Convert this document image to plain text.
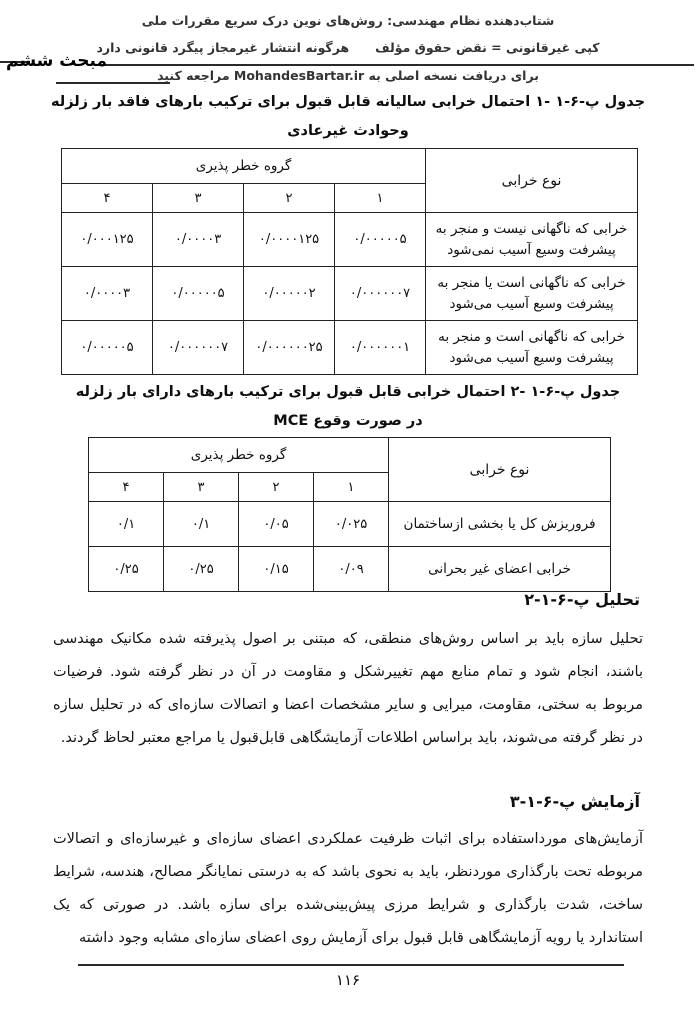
شتاب‌دهنده نظام مهندسی: روش‌های نوین درک سریع مقررات ملی
کپی غیرقانونی = نقض حقوق مؤلف
هرگونه انتشار غیرمجاز پیگرد قانونی دارد
مبحث ششم
برای دریافت نسخه اصلی به MohandesBartar.ir مراجعه کنید
جدول پ-۶-۱ -۱ احتمال خرابی سالیانه قابل قبول برای ترکیب بارهای فاقد بار زلزله
وحوادث غیرعادی
نوع خرابی	گروه خطر پذیری			
	۱	۲	۳	۴
خرابی که ناگهانی نیست و منجر به پیشرفت وسیع آسیب نمی‌شود	۰/۰۰۰۰۰۵	۰/۰۰۰۰۱۲۵	۰/۰۰۰۰۳	۰/۰۰۰۱۲۵
خرابی که ناگهانی است یا منجر به پیشرفت وسیع آسیب می‌شود	۰/۰۰۰۰۰۰۷	۰/۰۰۰۰۰۲	۰/۰۰۰۰۰۵	۰/۰۰۰۰۳
خرابی که ناگهانی است و منجر به پیشرفت وسیع آسیب می‌شود	۰/۰۰۰۰۰۰۱	۰/۰۰۰۰۰۰۲۵	۰/۰۰۰۰۰۰۷	۰/۰۰۰۰۰۵
جدول پ-۶-۱ -۲ احتمال خرابی قابل قبول برای ترکیب بارهای دارای بار زلزله
در صورت وقوع MCE
نوع خرابی	گروه خطر پذیری			
	۱	۲	۳	۴
فروریزش کل یا بخشی ازساختمان	۰/۰۲۵	۰/۰۵	۰/۱	۰/۱
خرابی اعضای غیر بحرانی	۰/۰۹	۰/۱۵	۰/۲۵	۰/۲۵
تحلیل پ-۶-۱-۲

تحلیل سازه باید بر اساس روش‌های منطقی، که مبتنی بر اصول پذیرفته شده مکانیک مهندسی باشند، انجام شود و تمام منابع مهم تغییرشکل و مقاومت در آن در نظر گرفته شود. فرضیات مربوط به سختی، مقاومت، میرایی و سایر مشخصات اعضا و اتصالات سازه‌ای که در تحلیل سازه در نظر گرفته می‌شوند، باید براساس اطلاعات آزمایشگاهی قابل‌قبول یا مراجع معتبر لحاظ گردند.

آزمایش پ-۶-۱-۳

آزمایش‌های مورداستفاده برای اثبات ظرفیت عملکردی اعضای سازه‌ای و غیرسازه‌ای و اتصالات مربوطه تحت بارگذاری موردنظر، باید به نحوی باشد که به درستی نمایانگر مصالح، هندسه، شرایط ساخت، شدت بارگذاری و شرایط مرزی پیش‌بینی‌شده برای سازه باشد. در صورتی که یک استاندارد یا رویه آزمایشگاهی قابل قبول برای آزمایش روی اعضای سازه‌ای مشابه وجود داشته

۱۱۶
